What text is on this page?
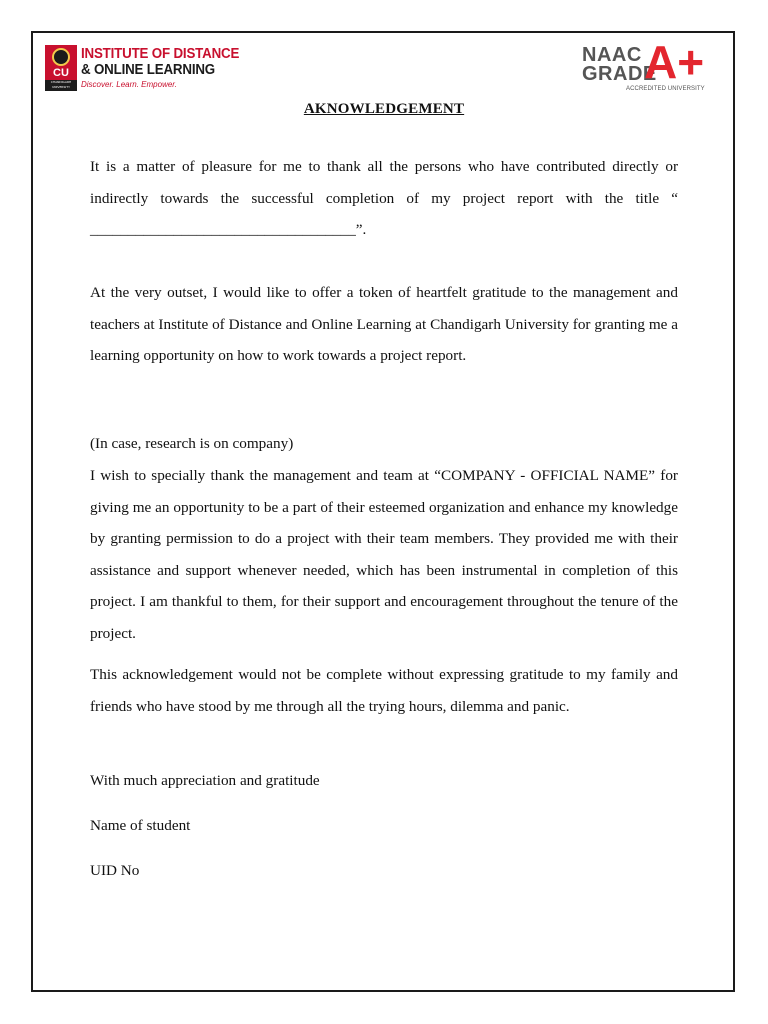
CU
CHANDIGARH UNIVERSITY
INSTITUTE OF DISTANCE
& ONLINE LEARNING
Discover. Learn. Empower.
NAAC
GRADE
A+
ACCREDITED UNIVERSITY
AKNOWLEDGEMENT
It is a matter of pleasure for me to thank all the persons who have contributed directly or indirectly towards the successful completion of my project report with the title “ ___________________________________”.
At the very outset, I would like to offer a token of heartfelt gratitude to the management and teachers at Institute of Distance and Online Learning at Chandigarh University for granting me a learning opportunity on how to work towards a project report.
(In case, research is on company)
I wish to specially thank the management and team at “COMPANY - OFFICIAL NAME” for giving me an opportunity to be a part of their esteemed organization and enhance my knowledge by granting permission to do a project with their team members. They provided me with their assistance and support whenever needed, which has been instrumental in completion of this project. I am thankful to them, for their support and encouragement throughout the tenure of the project.
This acknowledgement would not be complete without expressing gratitude to my family and friends who have stood by me through all the trying hours, dilemma and panic.
With much appreciation and gratitude
Name of student
UID No
